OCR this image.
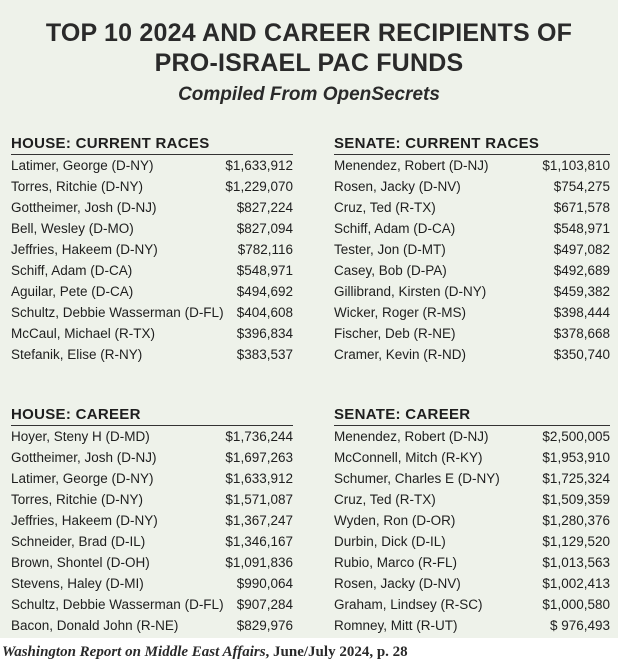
TOP 10 2024 AND CAREER RECIPIENTS OF
PRO-ISRAEL PAC FUNDS
Compiled From OpenSecrets
HOUSE: CURRENT RACES
Latimer, George (D-NY)	$1,633,912
Torres, Ritchie (D-NY)	$1,229,070
Gottheimer, Josh (D-NJ)	$827,224
Bell, Wesley (D-MO)	$827,094
Jeffries, Hakeem (D-NY)	$782,116
Schiff, Adam (D-CA)	$548,971
Aguilar, Pete (D-CA)	$494,692
Schultz, Debbie Wasserman (D-FL) $404,608
McCaul, Michael (R-TX)	$396,834
Stefanik, Elise (R-NY)	$383,537
SENATE: CURRENT RACES
Menendez, Robert (D-NJ)	$1,103,810
Rosen, Jacky (D-NV)	$754,275
Cruz, Ted (R-TX)	$671,578
Schiff, Adam (D-CA)	$548,971
Tester, Jon (D-MT)	$497,082
Casey, Bob (D-PA)	$492,689
Gillibrand, Kirsten (D-NY)	$459,382
Wicker, Roger (R-MS)	$398,444
Fischer, Deb (R-NE)	$378,668
Cramer, Kevin (R-ND)	$350,740
HOUSE: CAREER
Hoyer, Steny H (D-MD)	$1,736,244
Gottheimer, Josh (D-NJ)	$1,697,263
Latimer, George (D-NY)	$1,633,912
Torres, Ritchie (D-NY)	$1,571,087
Jeffries, Hakeem (D-NY)	$1,367,247
Schneider, Brad (D-IL)	$1,346,167
Brown, Shontel (D-OH)	$1,091,836
Stevens, Haley (D-MI)	$990,064
Schultz, Debbie Wasserman (D-FL) $907,284
Bacon, Donald John (R-NE)	$829,976
SENATE: CAREER
Menendez, Robert (D-NJ)	$2,500,005
McConnell, Mitch (R-KY)	$1,953,910
Schumer, Charles E (D-NY)	$1,725,324
Cruz, Ted (R-TX)	$1,509,359
Wyden, Ron (D-OR)	$1,280,376
Durbin, Dick (D-IL)	$1,129,520
Rubio, Marco (R-FL)	$1,013,563
Rosen, Jacky (D-NV)	$1,002,413
Graham, Lindsey (R-SC)	$1,000,580
Romney, Mitt (R-UT)	$ 976,493
Washington Report on Middle East Affairs, June/July 2024, p. 28
